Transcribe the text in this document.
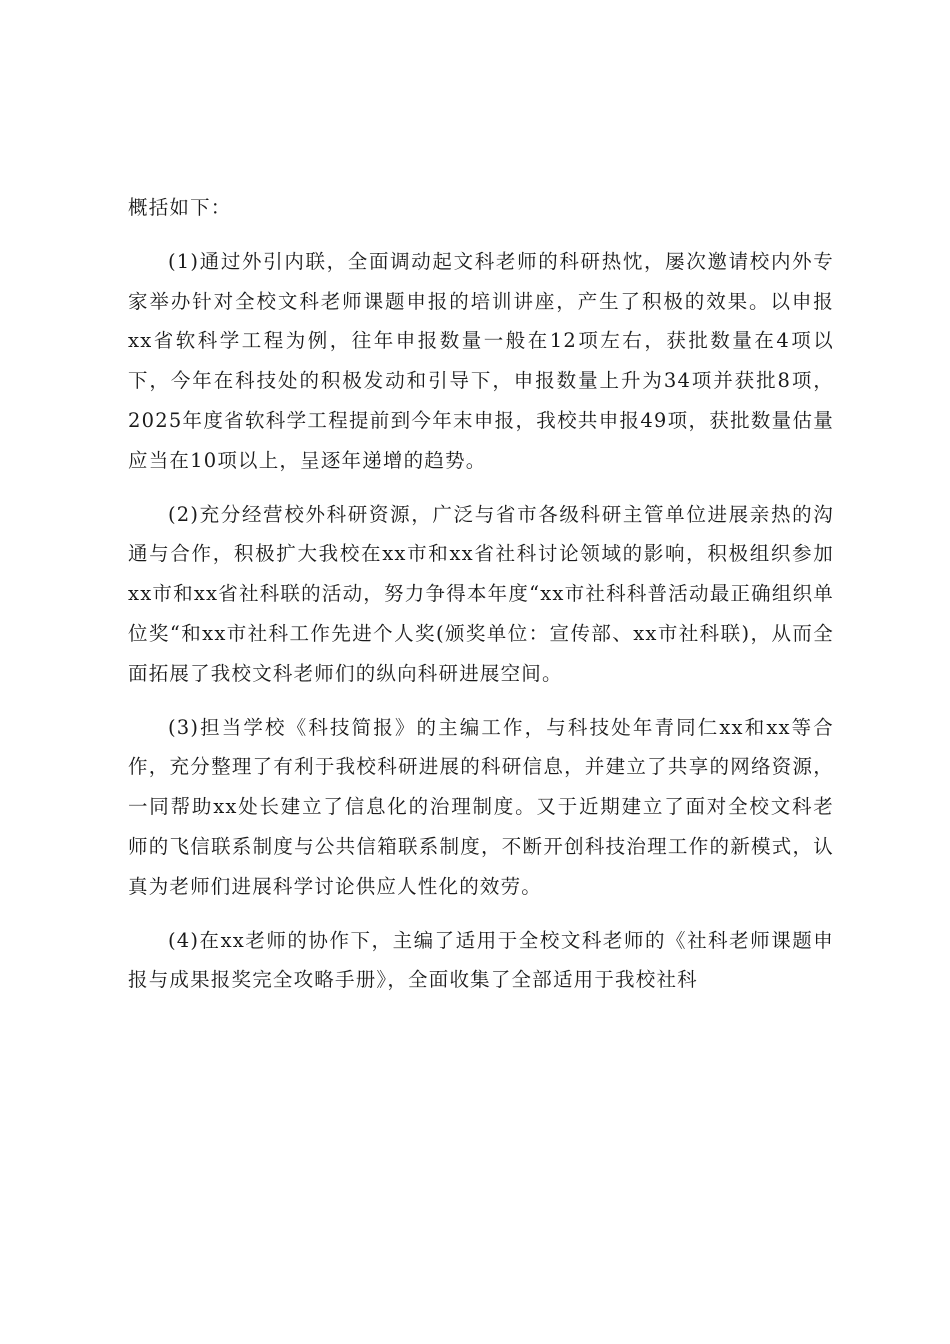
概括如下：

(1)通过外引内联，全面调动起文科老师的科研热忱，屡次邀请校内外专家举办针对全校文科老师课题申报的培训讲座，产生了积极的效果。以申报xx省软科学工程为例，往年申报数量一般在12项左右，获批数量在4项以下，今年在科技处的积极发动和引导下，申报数量上升为34项并获批8项，2025年度省软科学工程提前到今年末申报，我校共申报49项，获批数量估量应当在10项以上，呈逐年递增的趋势。

(2)充分经营校外科研资源，广泛与省市各级科研主管单位进展亲热的沟通与合作，积极扩大我校在xx市和xx省社科讨论领域的影响，积极组织参加xx市和xx省社科联的活动，努力争得本年度“xx市社科科普活动最正确组织单位奖“和xx市社科工作先进个人奖(颁奖单位：宣传部、xx市社科联)，从而全面拓展了我校文科老师们的纵向科研进展空间。

(3)担当学校《科技简报》的主编工作，与科技处年青同仁xx和xx等合作，充分整理了有利于我校科研进展的科研信息，并建立了共享的网络资源，一同帮助xx处长建立了信息化的治理制度。又于近期建立了面对全校文科老师的飞信联系制度与公共信箱联系制度，不断开创科技治理工作的新模式，认真为老师们进展科学讨论供应人性化的效劳。

(4)在xx老师的协作下，主编了适用于全校文科老师的《社科老师课题申报与成果报奖完全攻略手册》，全面收集了全部适用于我校社科
